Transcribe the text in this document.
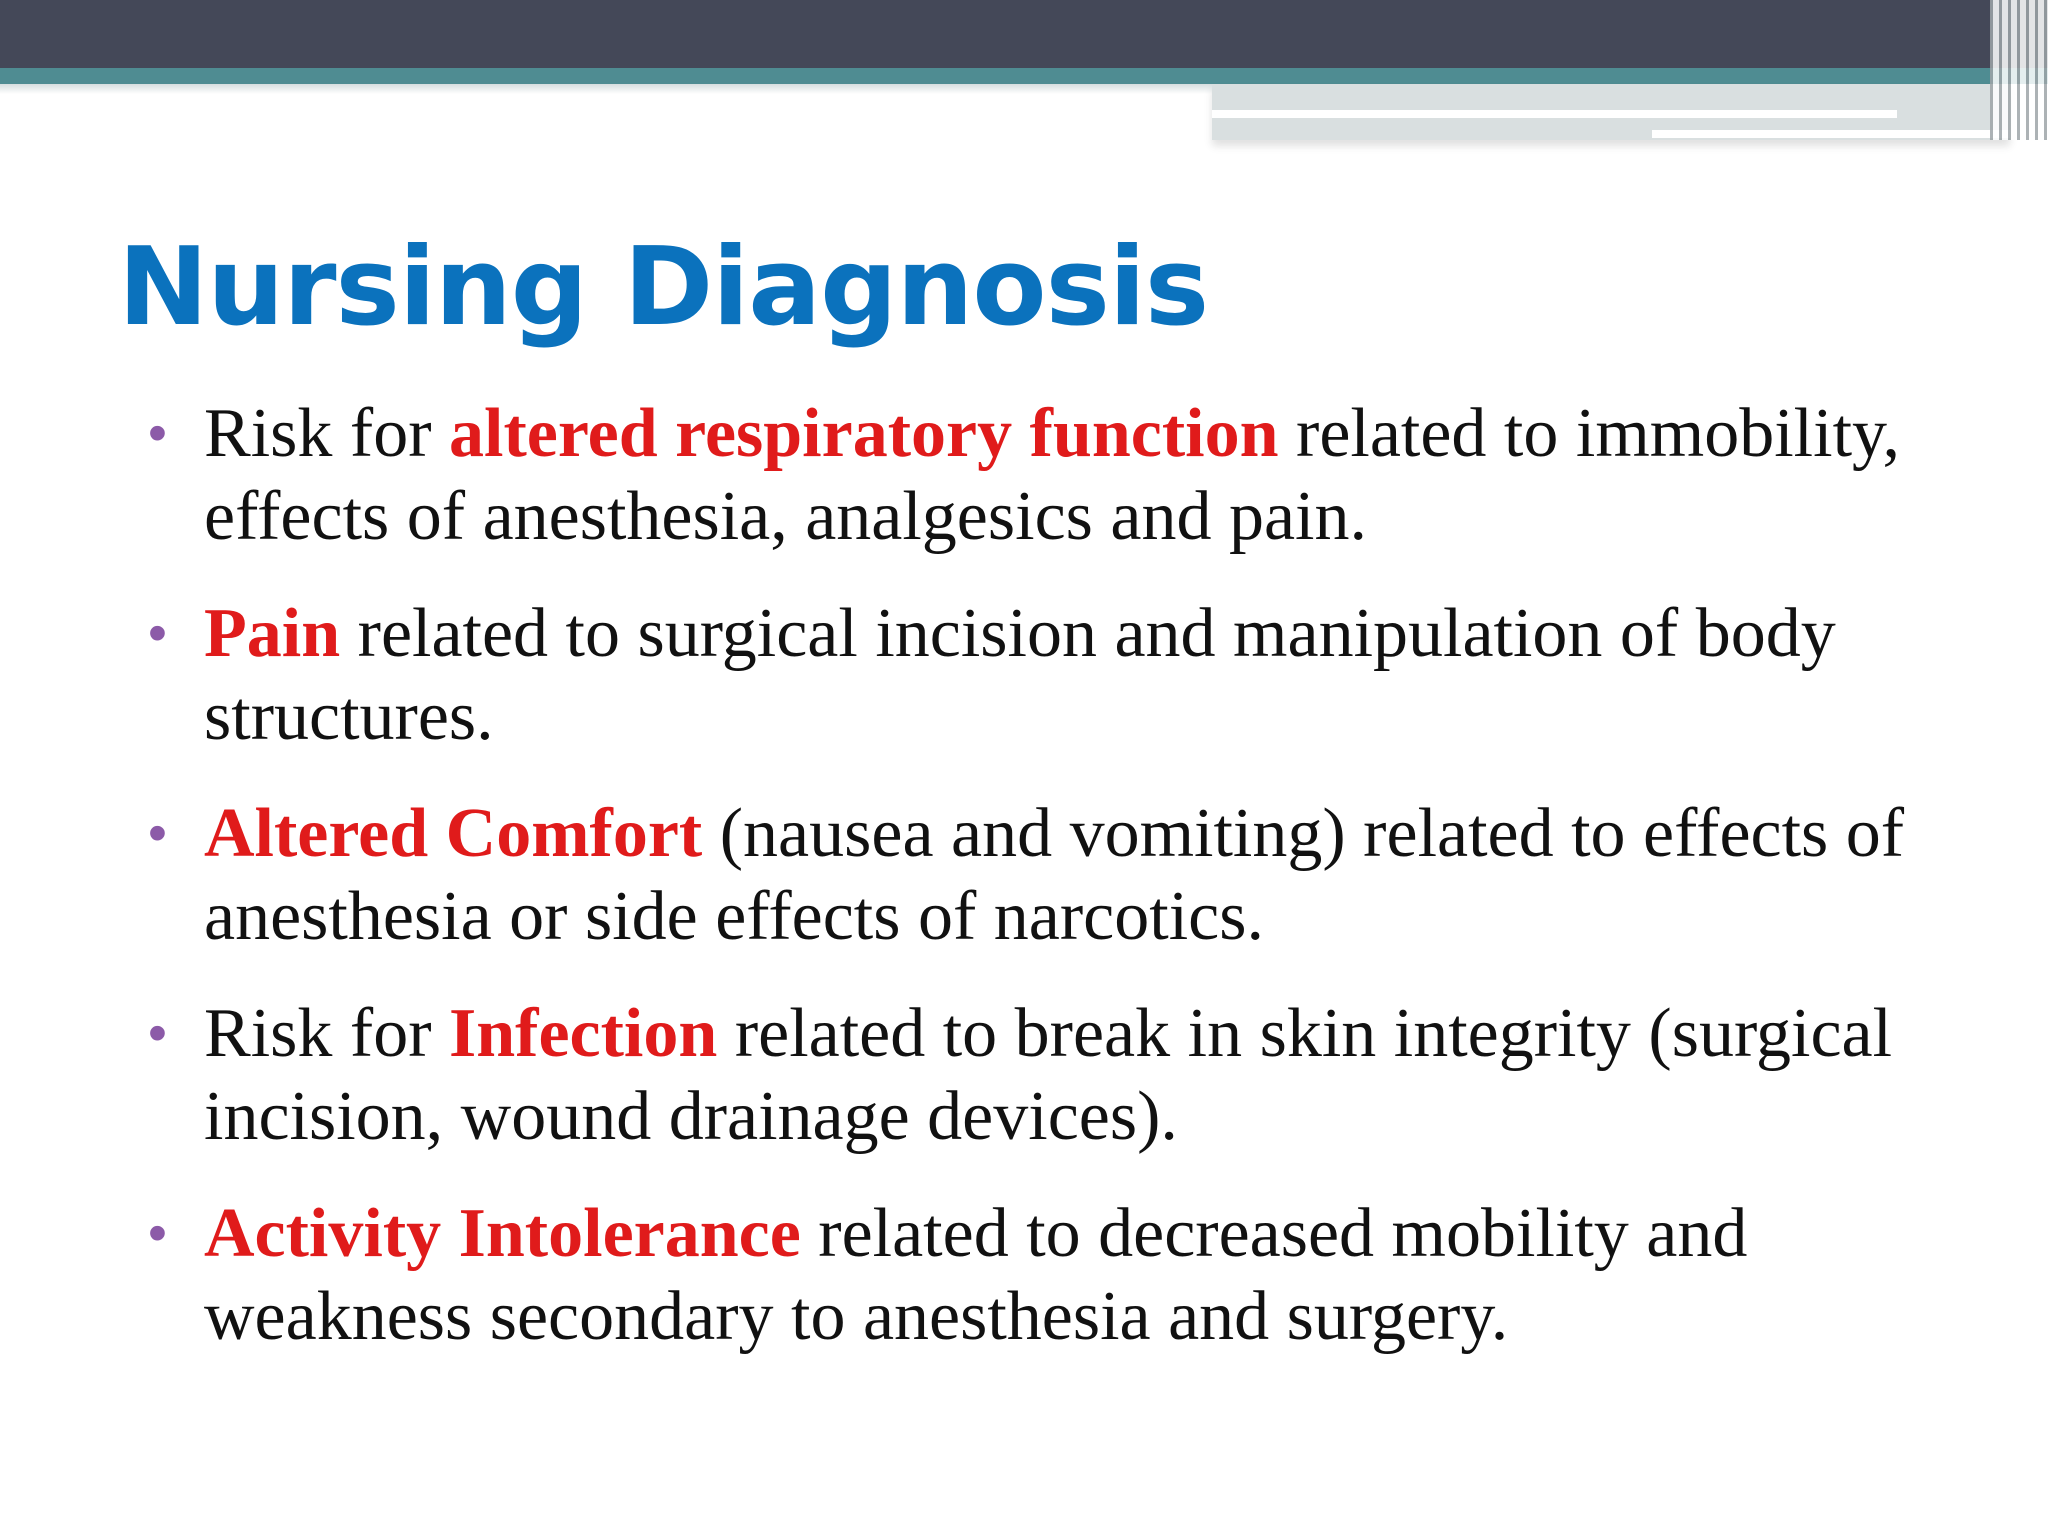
Nursing Diagnosis
• Risk for altered respiratory function related to immobility, effects of anesthesia, analgesics and pain.
• Pain related to surgical incision and manipulation of body structures.
• Altered Comfort (nausea and vomiting) related to effects of anesthesia or side effects of narcotics.
• Risk for Infection related to break in skin integrity (surgical incision, wound drainage devices).
• Activity Intolerance related to decreased mobility and weakness secondary to anesthesia and surgery.
